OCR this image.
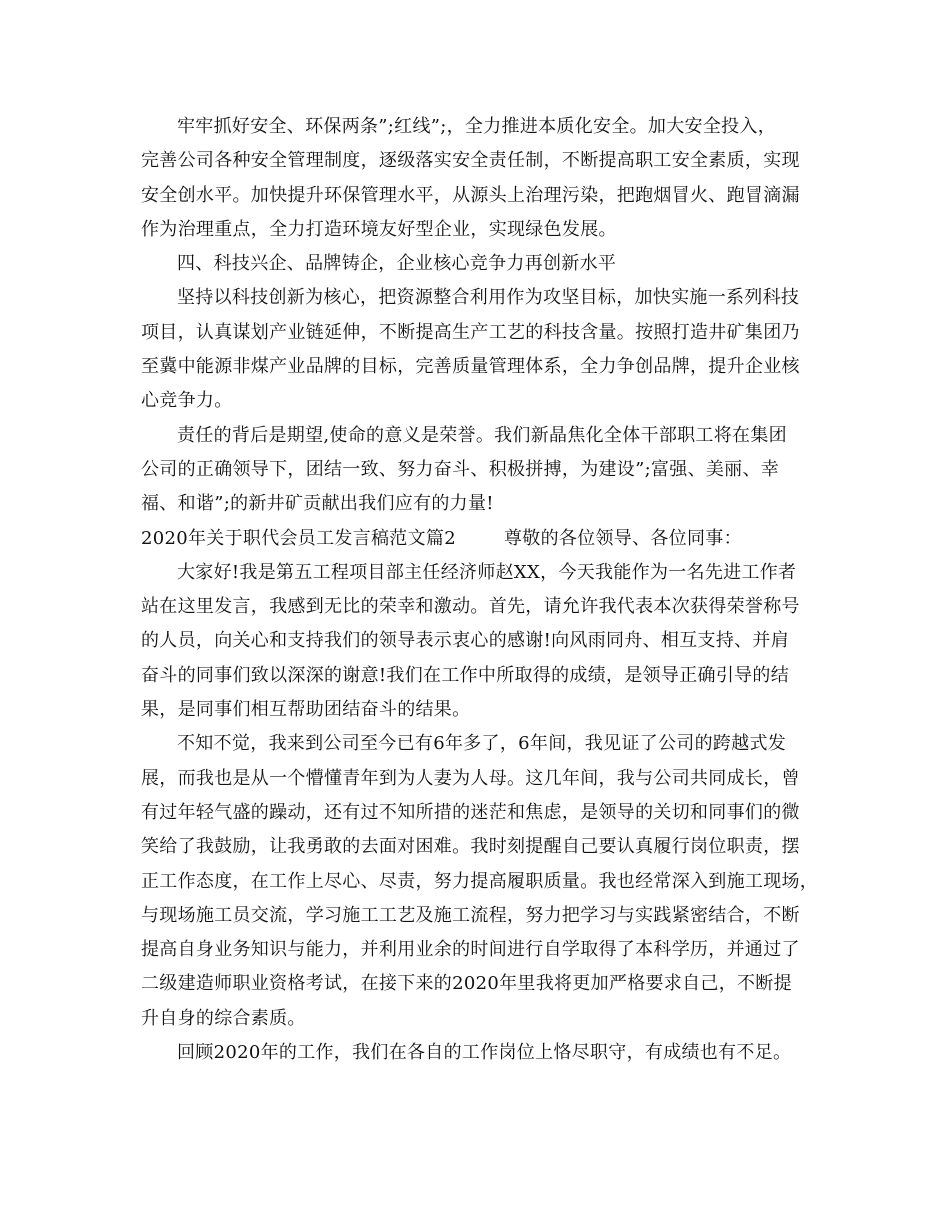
牢牢抓好安全、环保两条”;红线”;，全力推进本质化安全。加大安全投入，
完善公司各种安全管理制度，逐级落实安全责任制，不断提高职工安全素质，实现
安全创水平。加快提升环保管理水平，从源头上治理污染，把跑烟冒火、跑冒滴漏
作为治理重点，全力打造环境友好型企业，实现绿色发展。
四、科技兴企、品牌铸企，企业核心竞争力再创新水平
坚持以科技创新为核心，把资源整合利用作为攻坚目标，加快实施一系列科技
项目，认真谋划产业链延伸，不断提高生产工艺的科技含量。按照打造井矿集团乃
至冀中能源非煤产业品牌的目标，完善质量管理体系，全力争创品牌，提升企业核
心竞争力。
责任的背后是期望,使命的意义是荣誉。我们新晶焦化全体干部职工将在集团
公司的正确领导下，团结一致、努力奋斗、积极拼搏，为建设”;富强、美丽、幸
福、和谐”;的新井矿贡献出我们应有的力量!
2020年关于职代会员工发言稿范文篇2	尊敬的各位领导、各位同事：
大家好!我是第五工程项目部主任经济师赵XX，今天我能作为一名先进工作者
站在这里发言，我感到无比的荣幸和激动。首先，请允许我代表本次获得荣誉称号
的人员，向关心和支持我们的领导表示衷心的感谢!向风雨同舟、相互支持、并肩
奋斗的同事们致以深深的谢意!我们在工作中所取得的成绩，是领导正确引导的结
果，是同事们相互帮助团结奋斗的结果。
不知不觉，我来到公司至今已有6年多了，6年间，我见证了公司的跨越式发
展，而我也是从一个懵懂青年到为人妻为人母。这几年间，我与公司共同成长，曾
有过年轻气盛的躁动，还有过不知所措的迷茫和焦虑，是领导的关切和同事们的微
笑给了我鼓励，让我勇敢的去面对困难。我时刻提醒自己要认真履行岗位职责，摆
正工作态度，在工作上尽心、尽责，努力提高履职质量。我也经常深入到施工现场，
与现场施工员交流，学习施工工艺及施工流程，努力把学习与实践紧密结合，不断
提高自身业务知识与能力，并利用业余的时间进行自学取得了本科学历，并通过了
二级建造师职业资格考试，在接下来的2020年里我将更加严格要求自己，不断提
升自身的综合素质。
回顾2020年的工作，我们在各自的工作岗位上恪尽职守，有成绩也有不足。
